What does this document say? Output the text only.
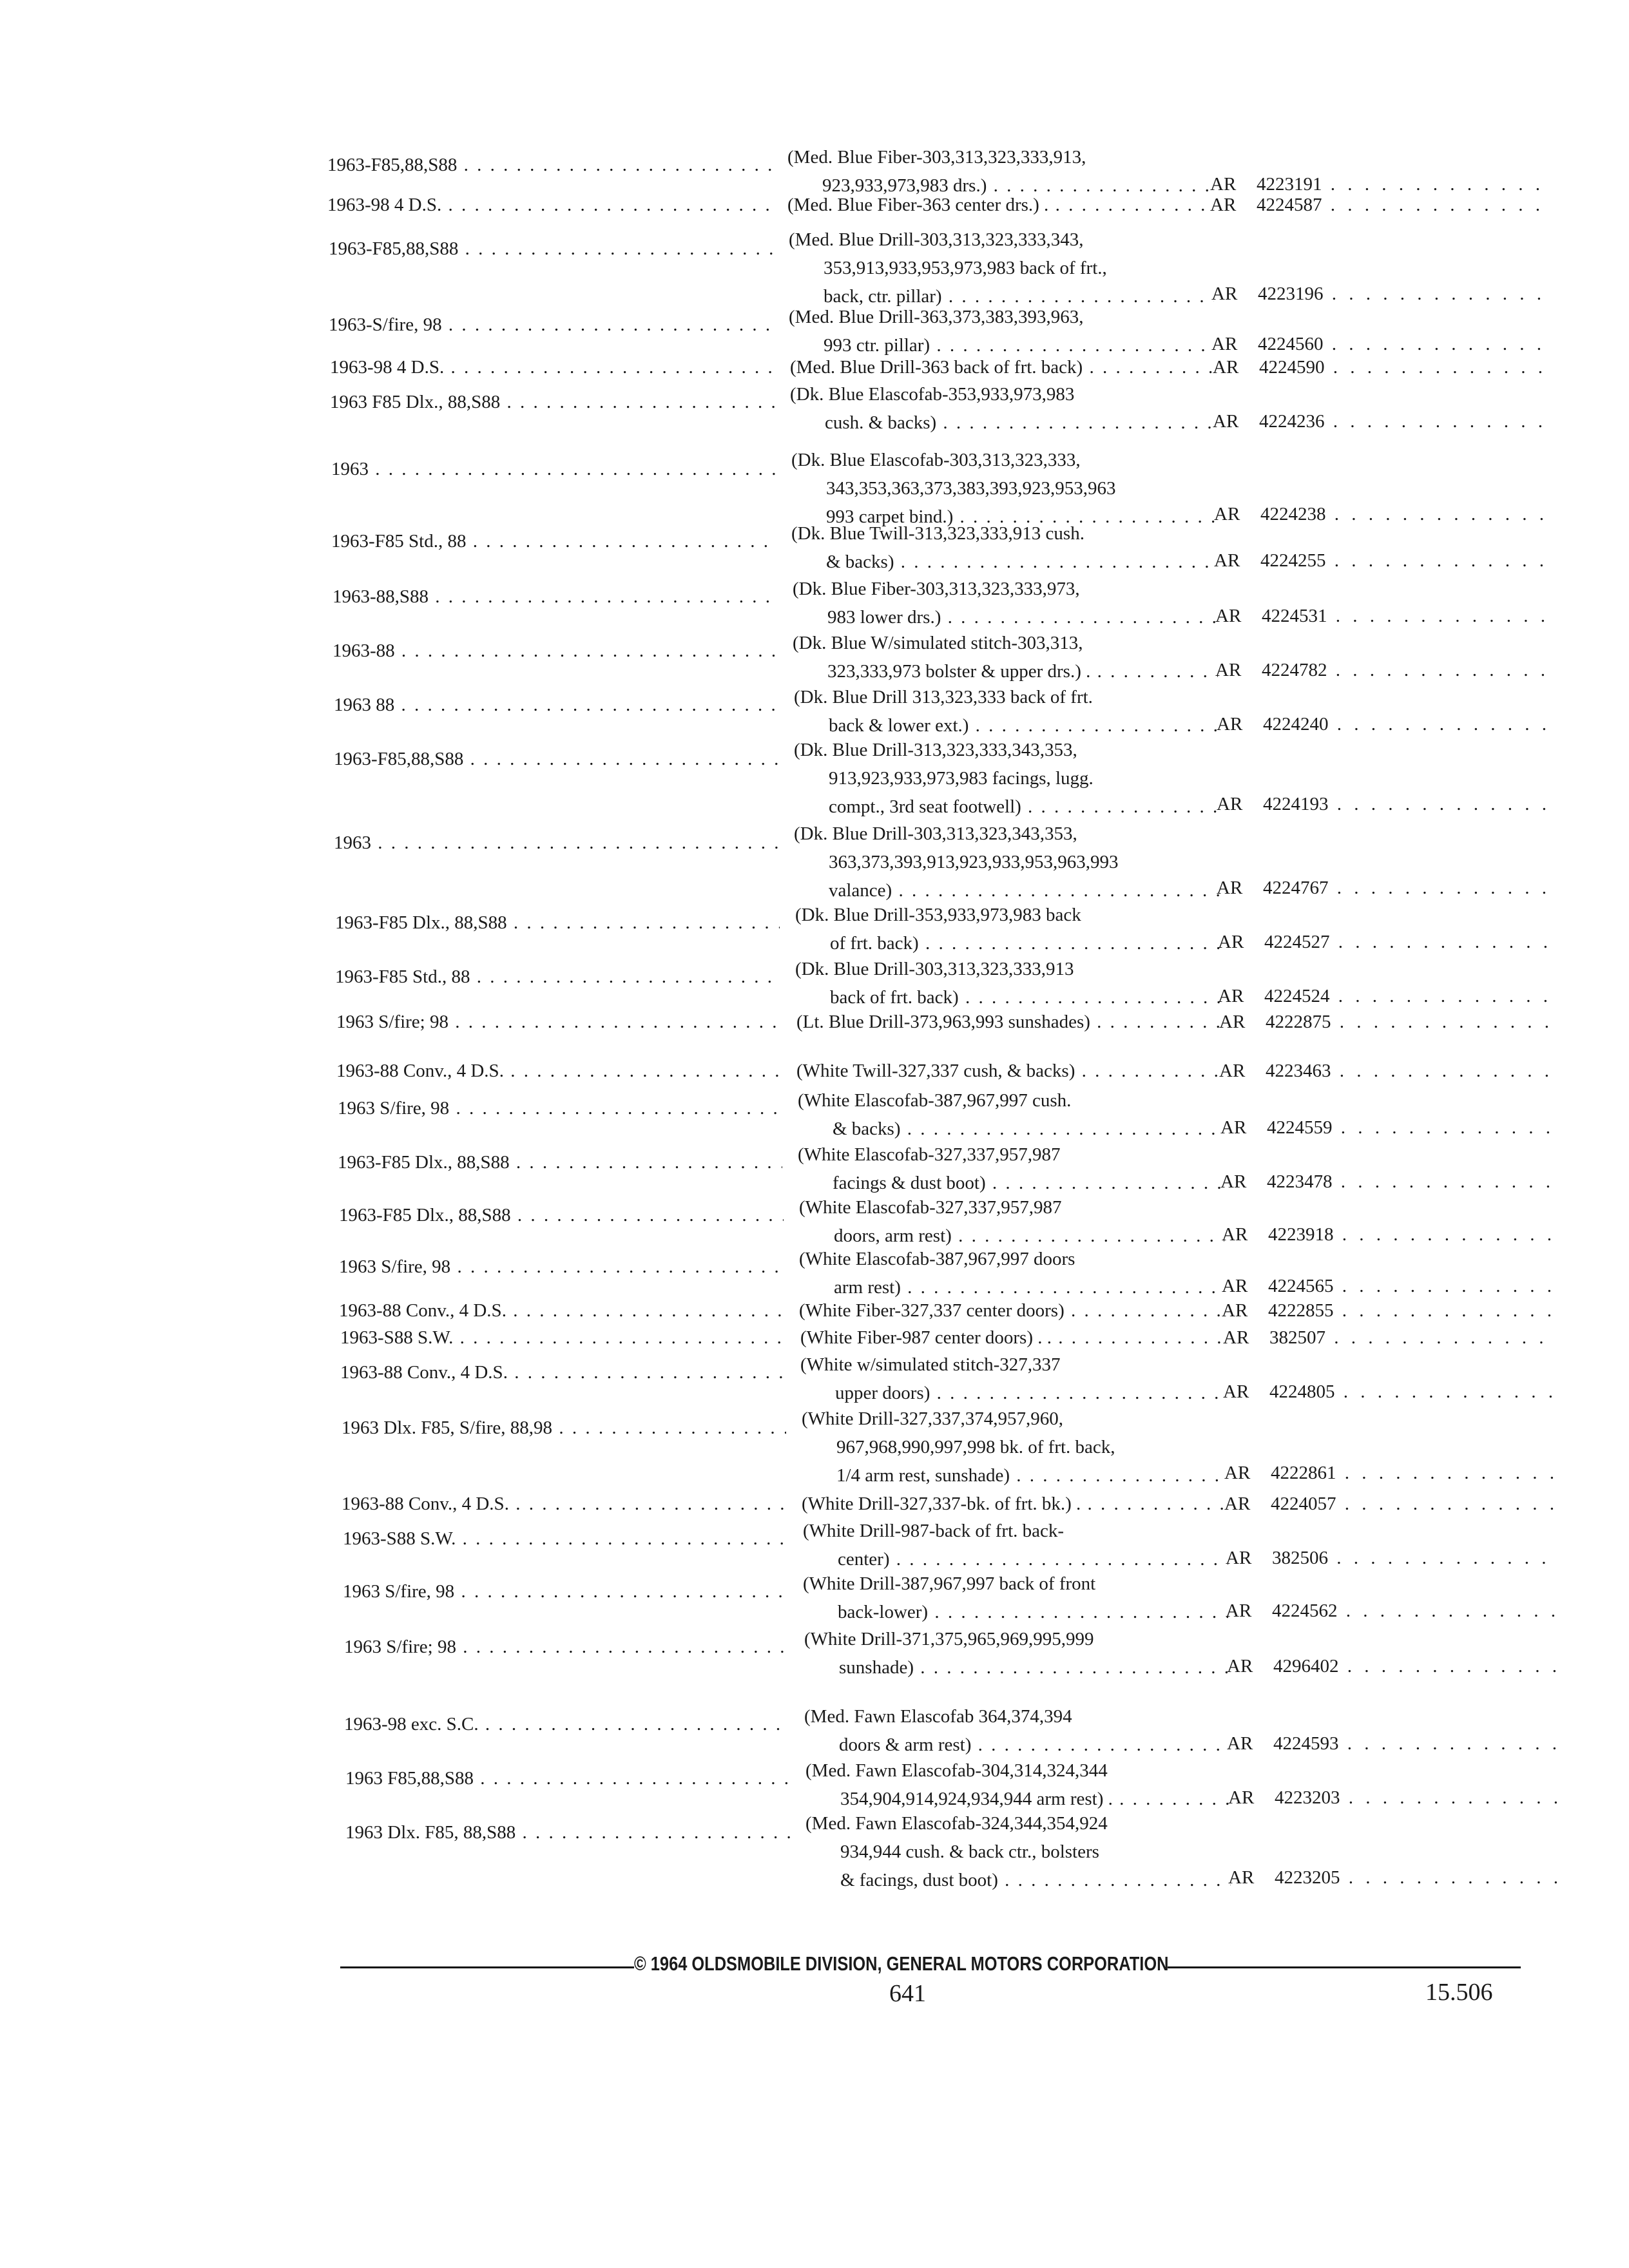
1963-F85,88,S88 . . .	(Med. Blue Fiber-303,313,323,333,913,
923,933,973,983 drs.) . . .	AR 4223191 . . .
1963-98 4 D.S. . . .	(Med. Blue Fiber-363 center drs.) . . . .	AR 4224587 . . .
1963-F85,88,S88 . . .	(Med. Blue Drill-303,313,323,333,343,
353,913,933,953,973,983 back of frt.,
back, ctr. pillar) . . .	AR 4223196 . . .
1963-S/fire, 98 . . .	(Med. Blue Drill-363,373,383,393,963,
993 ctr. pillar) . . .	AR 4224560 . . .
1963-98 4 D.S. . . .	(Med. Blue Drill-363 back of frt. back) . . .	AR 4224590 . . .
1963 F85 Dlx., 88,S88 . . .	(Dk. Blue Elascofab-353,933,973,983
cush. & backs) . . .	AR 4224236 . . .
1963 . . .	(Dk. Blue Elascofab-303,313,323,333,
343,353,363,373,383,393,923,953,963
993 carpet bind.) . . .	AR 4224238 . . .
1963-F85 Std., 88 . . .	(Dk. Blue Twill-313,323,333,913 cush.
& backs) . . .	AR 4224255 . . .
1963-88,S88 . . .	(Dk. Blue Fiber-303,313,323,333,973,
983 lower drs.) . . .	AR 4224531 . . .
1963-88 . . .	(Dk. Blue W/simulated stitch-303,313,
323,333,973 bolster & upper drs.) . . . .	AR 4224782 . . .
1963 88 . . .	(Dk. Blue Drill 313,323,333 back of frt.
back & lower ext.) . . .	AR 4224240 . . .
1963-F85,88,S88 . . .	(Dk. Blue Drill-313,323,333,343,353,
913,923,933,973,983 facings, lugg.
compt., 3rd seat footwell) . . .	AR 4224193 . . .
1963 . . .	(Dk. Blue Drill-303,313,323,343,353,
363,373,393,913,923,933,953,963,993
valance) . . .	AR 4224767 . . .
1963-F85 Dlx., 88,S88 . . .	(Dk. Blue Drill-353,933,973,983 back
of frt. back) . . .	AR 4224527 . . .
1963-F85 Std., 88 . . .	(Dk. Blue Drill-303,313,323,333,913
back of frt. back) . . .	AR 4224524 . . .
1963 S/fire; 98 . . .	(Lt. Blue Drill-373,963,993 sunshades) . . .	AR 4222875 . . .
1963-88 Conv., 4 D.S. . . .	(White Twill-327,337 cush, & backs) . . .	AR 4223463 . . .
1963 S/fire, 98 . . .	(White Elascofab-387,967,997 cush.
& backs) . . .	AR 4224559 . . .
1963-F85 Dlx., 88,S88 . . .	(White Elascofab-327,337,957,987
facings & dust boot) . . .	AR 4223478 . . .
1963-F85 Dlx., 88,S88 . . .	(White Elascofab-327,337,957,987
doors, arm rest) . . .	AR 4223918 . . .
1963 S/fire, 98 . . .	(White Elascofab-387,967,997 doors
arm rest) . . .	AR 4224565 . . .
1963-88 Conv., 4 D.S. . . .	(White Fiber-327,337 center doors) . . .	AR 4222855 . . .
1963-S88 S.W. . . .	(White Fiber-987 center doors) . . . . .	AR 382507 . . .
1963-88 Conv., 4 D.S. . . .	(White w/simulated stitch-327,337
upper doors) . . .	AR 4224805 . . .
1963 Dlx. F85, S/fire, 88,98 . . .	(White Drill-327,337,374,957,960,
967,968,990,997,998 bk. of frt. back,
1/4 arm rest, sunshade) . . .	AR 4222861 . . .
1963-88 Conv., 4 D.S. . . .	(White Drill-327,337-bk. of frt. bk.) . . . .	AR 4224057 . . .
1963-S88 S.W. . . .	(White Drill-987-back of frt. back-
center) . . .	AR 382506 . . .
1963 S/fire, 98 . . .	(White Drill-387,967,997 back of front
back-lower) . . .	AR 4224562 . . .
1963 S/fire; 98 . . .	(White Drill-371,375,965,969,995,999
sunshade) . . .	AR 4296402 . . .
1963-98 exc. S.C. . . .	(Med. Fawn Elascofab 364,374,394
doors & arm rest) . . .	AR 4224593 . . .
1963 F85,88,S88 . . .	(Med. Fawn Elascofab-304,314,324,344
354,904,914,924,934,944 arm rest) . . . .	AR 4223203 . . .
1963 Dlx. F85, 88,S88 . . .	(Med. Fawn Elascofab-324,344,354,924
934,944 cush. & back ctr., bolsters
& facings, dust boot) . . .	AR 4223205 . . .
© 1964 OLDSMOBILE DIVISION, GENERAL MOTORS CORPORATION
641	15.506
